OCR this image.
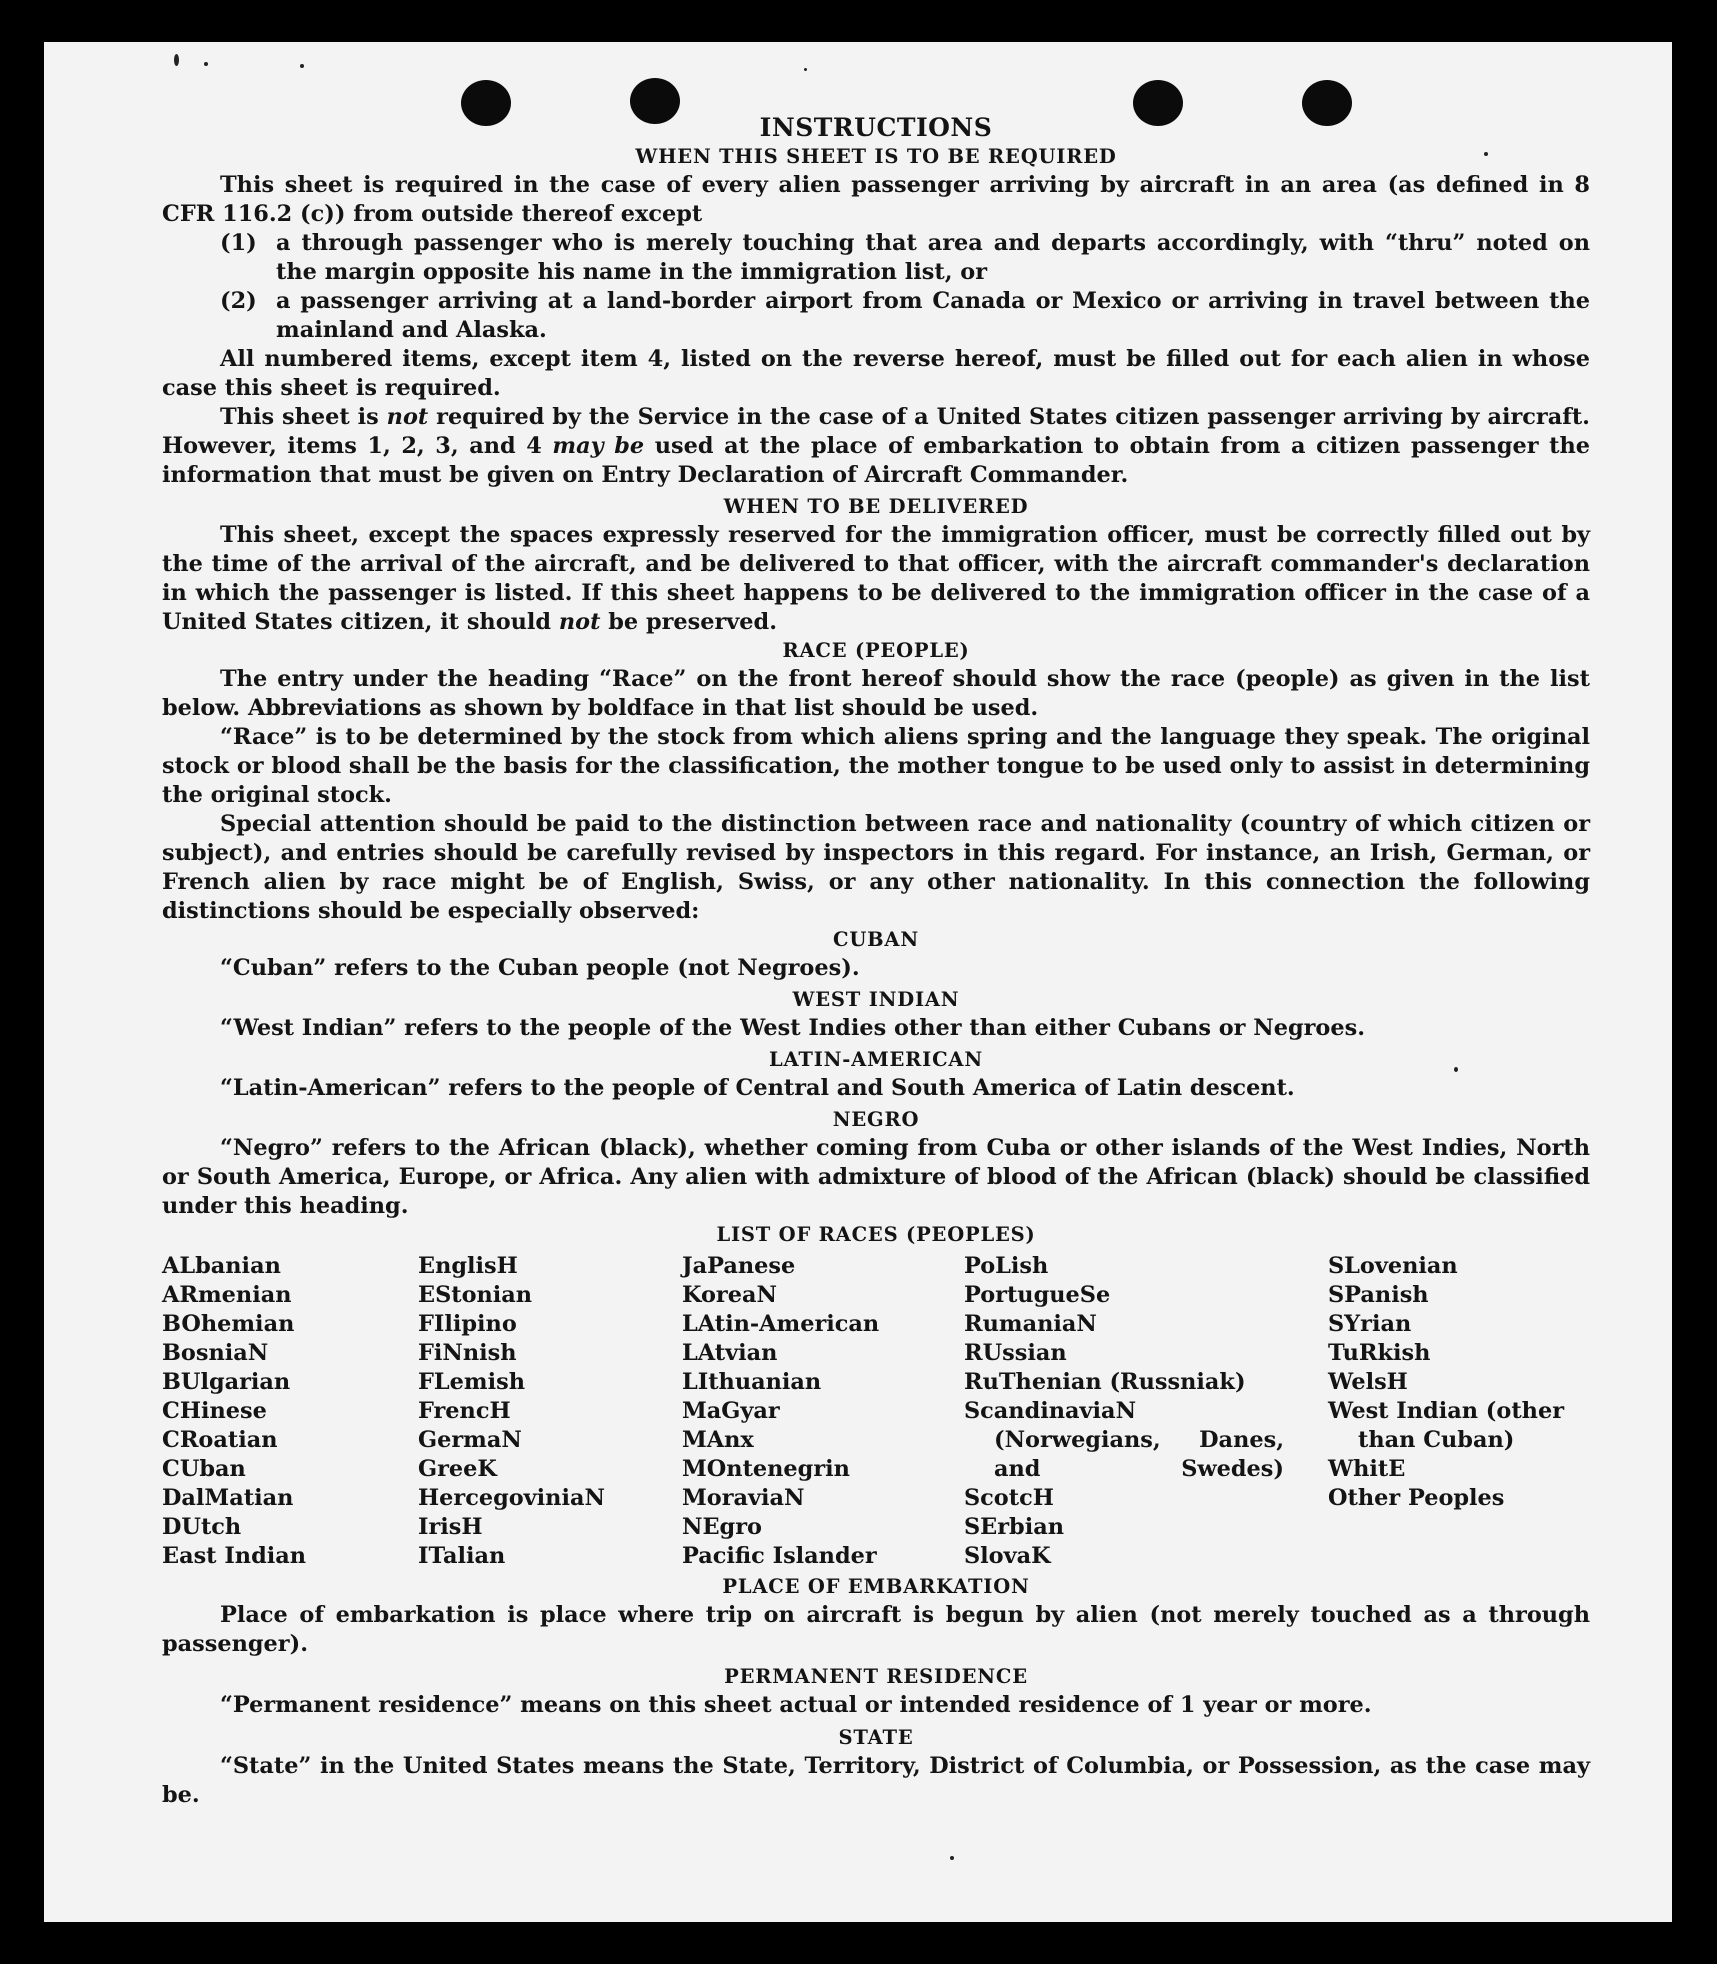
INSTRUCTIONS
WHEN THIS SHEET IS TO BE REQUIRED

This sheet is required in the case of every alien passenger arriving by aircraft in an area (as defined in 8 CFR 116.2 (c)) from outside thereof except

(1) a through passenger who is merely touching that area and departs accordingly, with “thru” noted on the margin opposite his name in the immigration list, or
(2) a passenger arriving at a land-border airport from Canada or Mexico or arriving in travel between the mainland and Alaska.

All numbered items, except item 4, listed on the reverse hereof, must be filled out for each alien in whose case this sheet is required.

This sheet is not required by the Service in the case of a United States citizen passenger arriving by aircraft. However, items 1, 2, 3, and 4 may be used at the place of embarkation to obtain from a citizen passenger the information that must be given on Entry Declaration of Aircraft Commander.

WHEN TO BE DELIVERED

This sheet, except the spaces expressly reserved for the immigration officer, must be correctly filled out by the time of the arrival of the aircraft, and be delivered to that officer, with the aircraft commander's declaration in which the passenger is listed. If this sheet happens to be delivered to the immigration officer in the case of a United States citizen, it should not be preserved.

RACE (PEOPLE)

The entry under the heading “Race” on the front hereof should show the race (people) as given in the list below. Abbreviations as shown by boldface in that list should be used.

“Race” is to be determined by the stock from which aliens spring and the language they speak. The original stock or blood shall be the basis for the classification, the mother tongue to be used only to assist in determining the original stock.

Special attention should be paid to the distinction between race and nationality (country of which citizen or subject), and entries should be carefully revised by inspectors in this regard. For instance, an Irish, German, or French alien by race might be of English, Swiss, or any other nationality. In this connection the following distinctions should be especially observed:

CUBAN

“Cuban” refers to the Cuban people (not Negroes).

WEST INDIAN

“West Indian” refers to the people of the West Indies other than either Cubans or Negroes.

LATIN-AMERICAN

“Latin-American” refers to the people of Central and South America of Latin descent.

NEGRO

“Negro” refers to the African (black), whether coming from Cuba or other islands of the West Indies, North or South America, Europe, or Africa. Any alien with admixture of blood of the African (black) should be classified under this heading.

LIST OF RACES (PEOPLES)
ALbanian
ARmenian
BOhemian
BosniaN
BUlgarian
CHinese
CRoatian
CUban
DalMatian
DUtch
East Indian
EnglisH
EStonian
FIlipino
FiNnish
FLemish
FrencH
GermaN
GreeK
HercegoviniaN
IrisH
ITalian
JaPanese
KoreaN
LAtin-American
LAtvian
LIthuanian
MaGyar
MAnx
MOntenegrin
MoraviaN
NEgro
Pacific Islander
PoLish
PortugueSe
RumaniaN
RUssian
RuThenian (Russniak)
ScandinaviaN (Norwegians, Danes, and Swedes)
ScotcH
SErbian
SlovaK
SLovenian
SPanish
SYrian
TuRkish
WelsH
West Indian (other than Cuban)
WhitE
Other Peoples
PLACE OF EMBARKATION

Place of embarkation is place where trip on aircraft is begun by alien (not merely touched as a through passenger).

PERMANENT RESIDENCE

“Permanent residence” means on this sheet actual or intended residence of 1 year or more.

STATE

“State” in the United States means the State, Territory, District of Columbia, or Possession, as the case may be.
